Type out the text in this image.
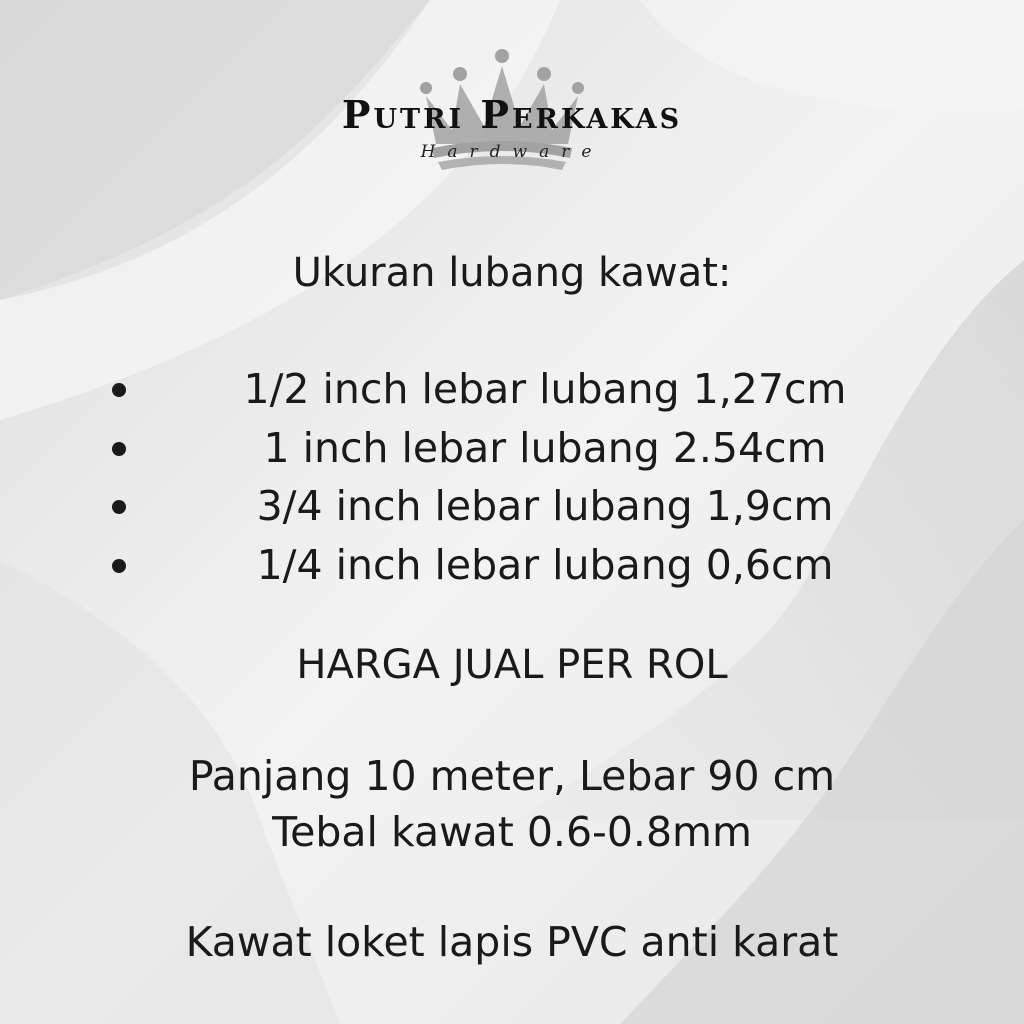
Putri Perkakas
Hardware
Ukuran lubang kawat:
1/2 inch lebar lubang 1,27cm
1 inch lebar lubang 2.54cm
3/4 inch lebar lubang 1,9cm
1/4 inch lebar lubang 0,6cm
HARGA JUAL PER ROL
Panjang 10 meter, Lebar 90 cm
Tebal kawat 0.6-0.8mm
Kawat loket lapis PVC anti karat
